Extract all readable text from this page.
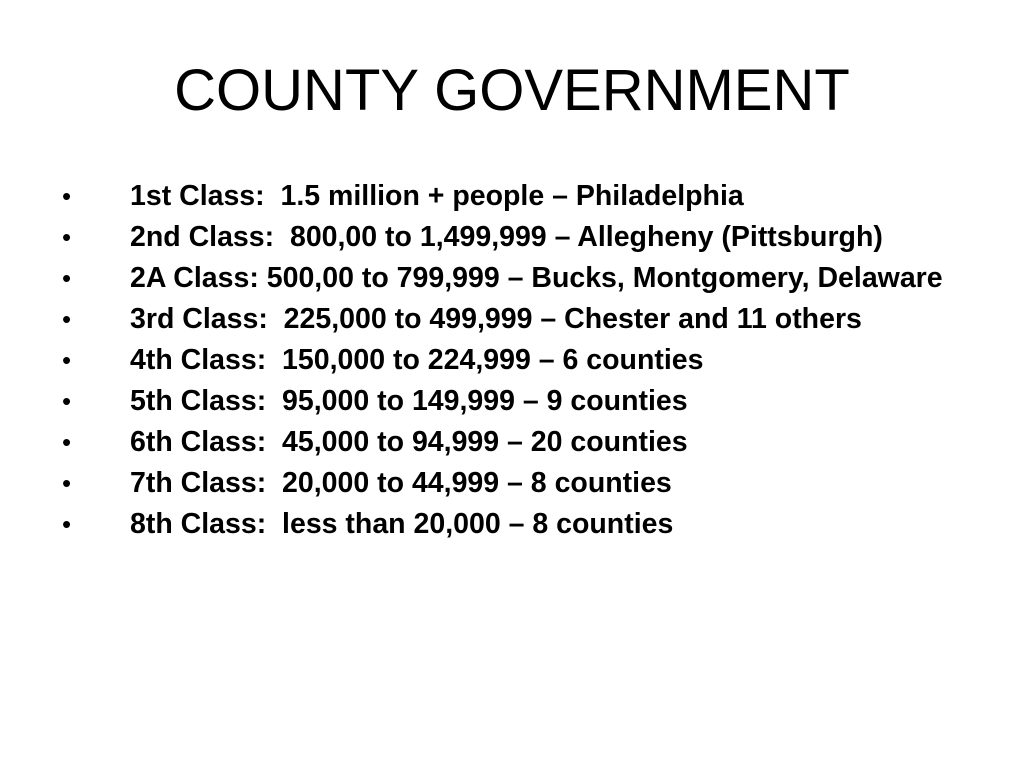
COUNTY GOVERNMENT
•	1st Class:  1.5 million + people – Philadelphia
•	2nd Class:  800,00 to 1,499,999 – Allegheny (Pittsburgh)
•	2A Class: 500,00 to 799,999 – Bucks, Montgomery, Delaware
•	3rd Class:  225,000 to 499,999 – Chester and 11 others
•	4th Class:  150,000 to 224,999 – 6 counties
•	5th Class:  95,000 to 149,999 – 9 counties
•	6th Class:  45,000 to 94,999 – 20 counties
•	7th Class:  20,000 to 44,999 – 8 counties
•	8th Class:  less than 20,000 – 8 counties
